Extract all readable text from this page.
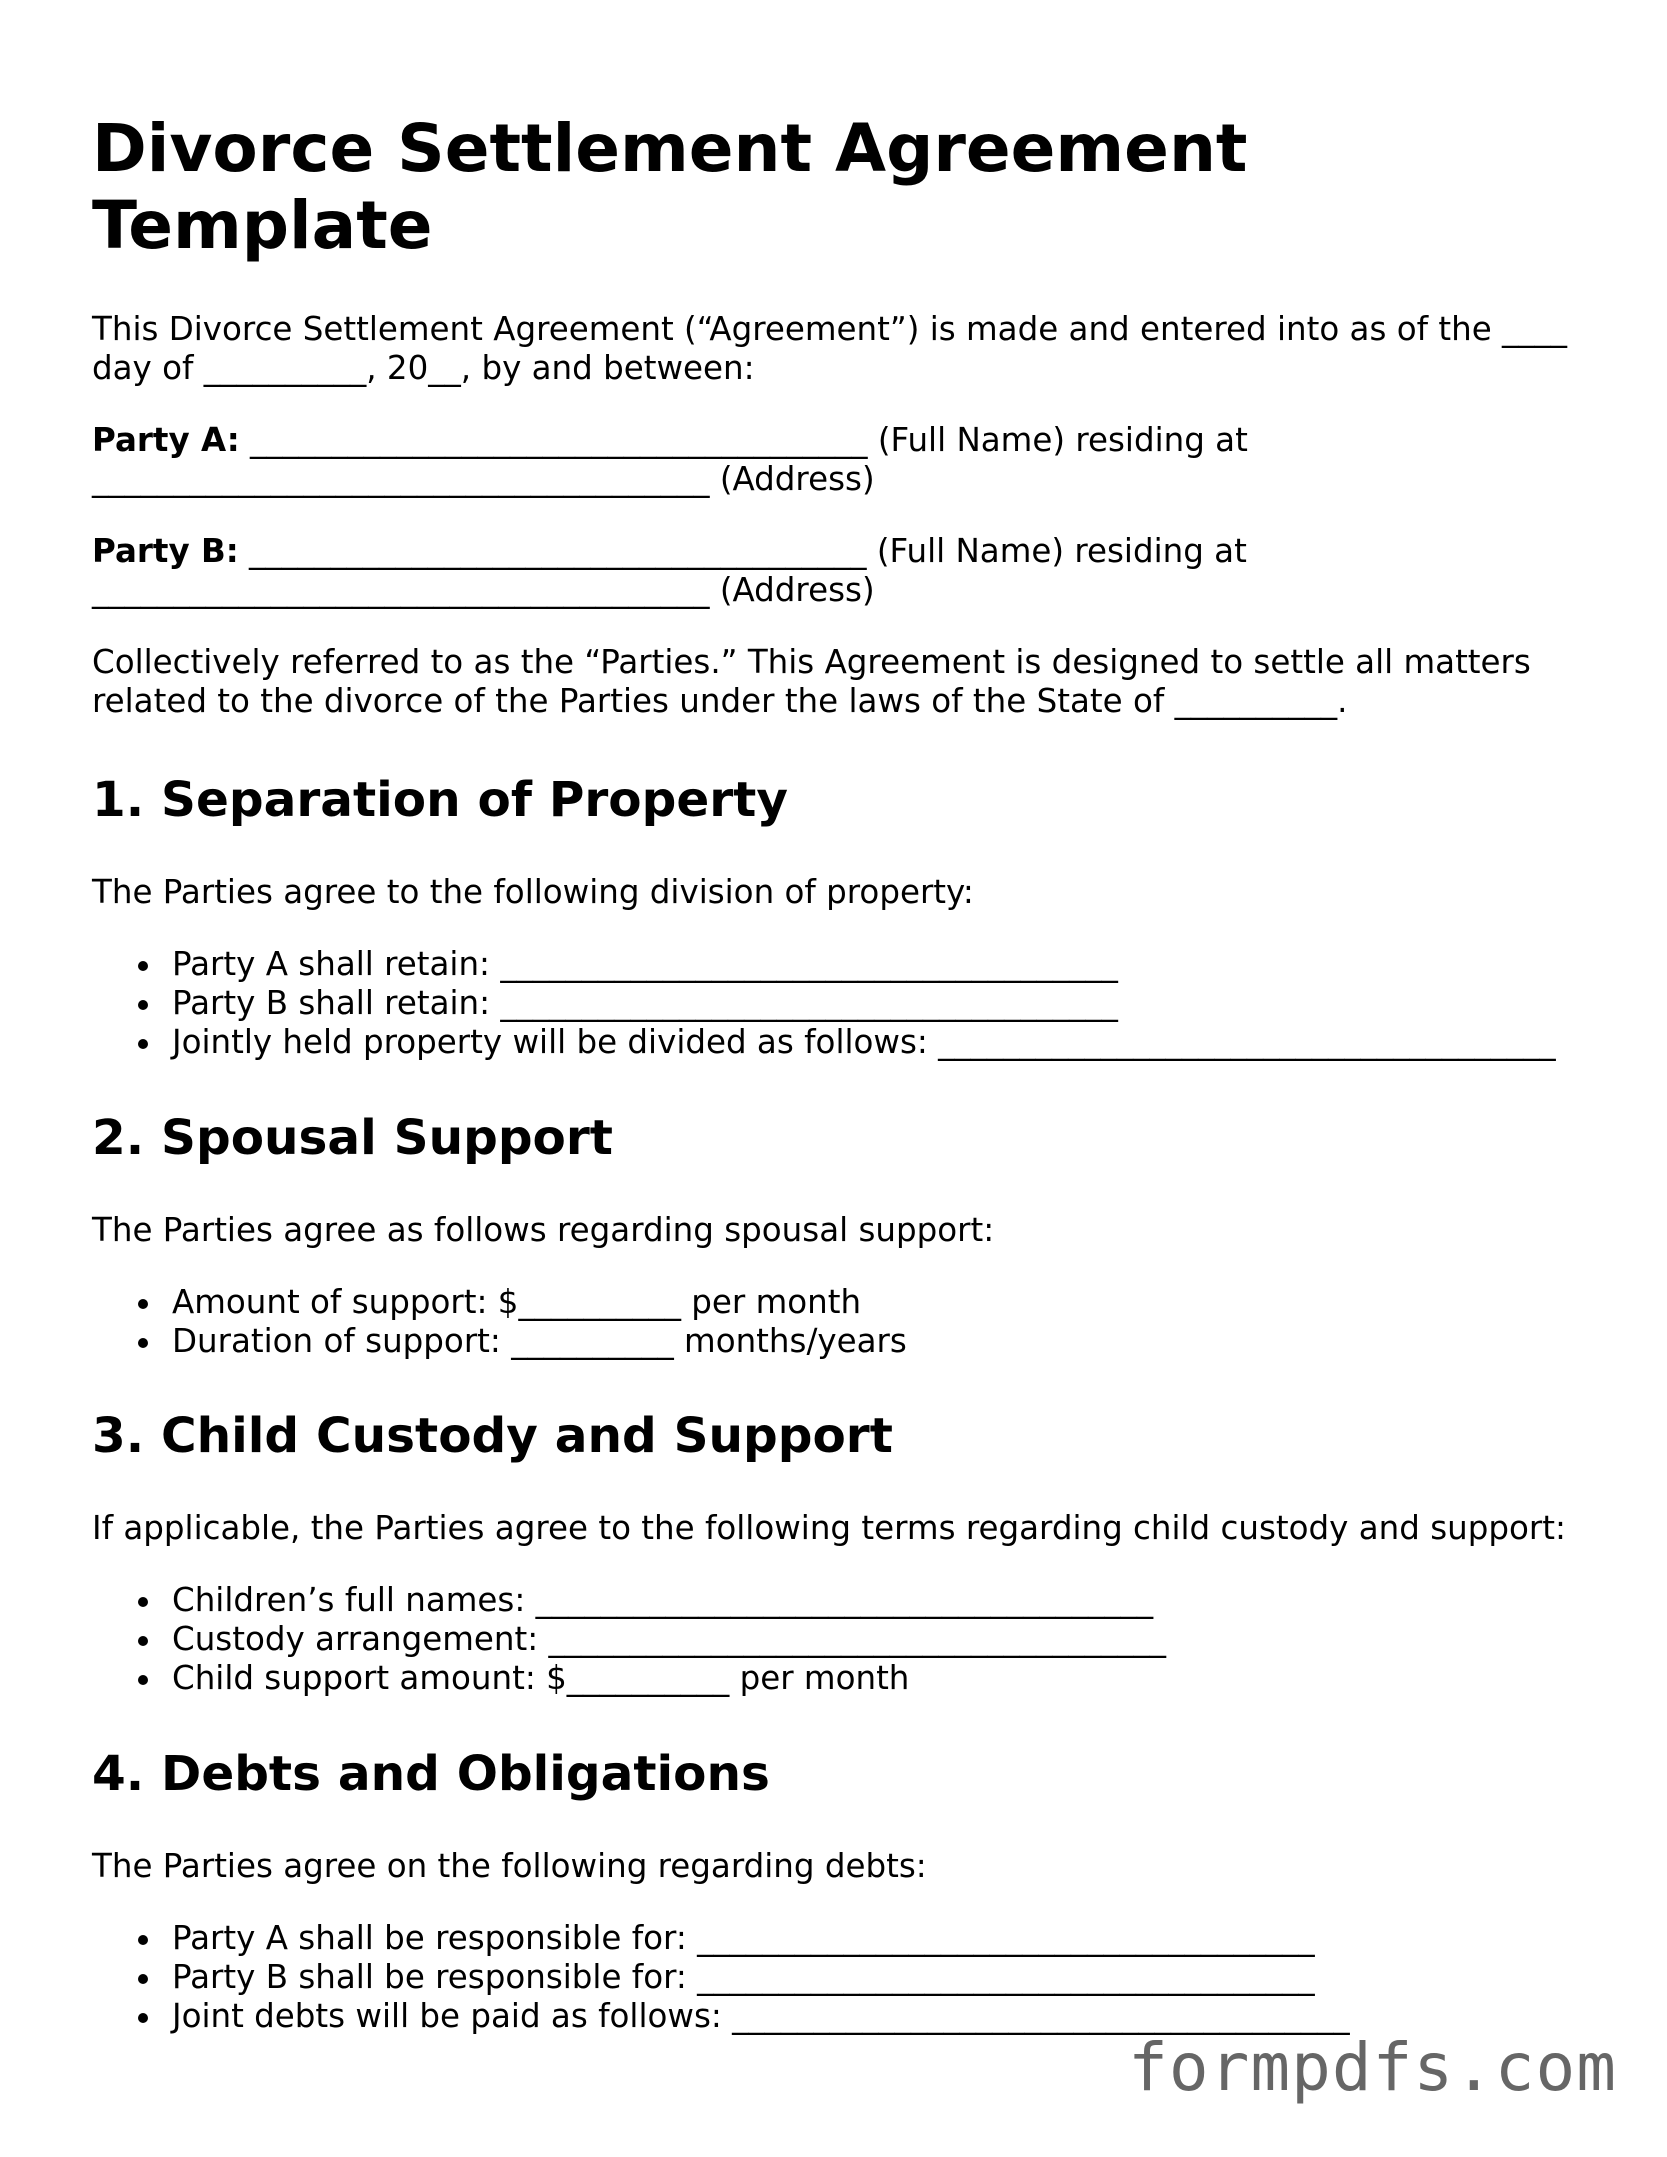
Divorce Settlement Agreement Template

This Divorce Settlement Agreement (“Agreement”) is made and entered into as of the ____ day of __________, 20__, by and between:

Party A: ______________________________________ (Full Name) residing at ______________________________________ (Address)

Party B: ______________________________________ (Full Name) residing at ______________________________________ (Address)

Collectively referred to as the “Parties.” This Agreement is designed to settle all matters related to the divorce of the Parties under the laws of the State of __________.

1. Separation of Property

The Parties agree to the following division of property:

Party A shall retain: ______________________________________
Party B shall retain: ______________________________________
Jointly held property will be divided as follows: ______________________________________
2. Spousal Support

The Parties agree as follows regarding spousal support:

Amount of support: $__________ per month
Duration of support: __________ months/years
3. Child Custody and Support

If applicable, the Parties agree to the following terms regarding child custody and support:

Children’s full names: ______________________________________
Custody arrangement: ______________________________________
Child support amount: $__________ per month
4. Debts and Obligations

The Parties agree on the following regarding debts:

Party A shall be responsible for: ______________________________________
Party B shall be responsible for: ______________________________________
Joint debts will be paid as follows: ______________________________________
formpdfs.com
